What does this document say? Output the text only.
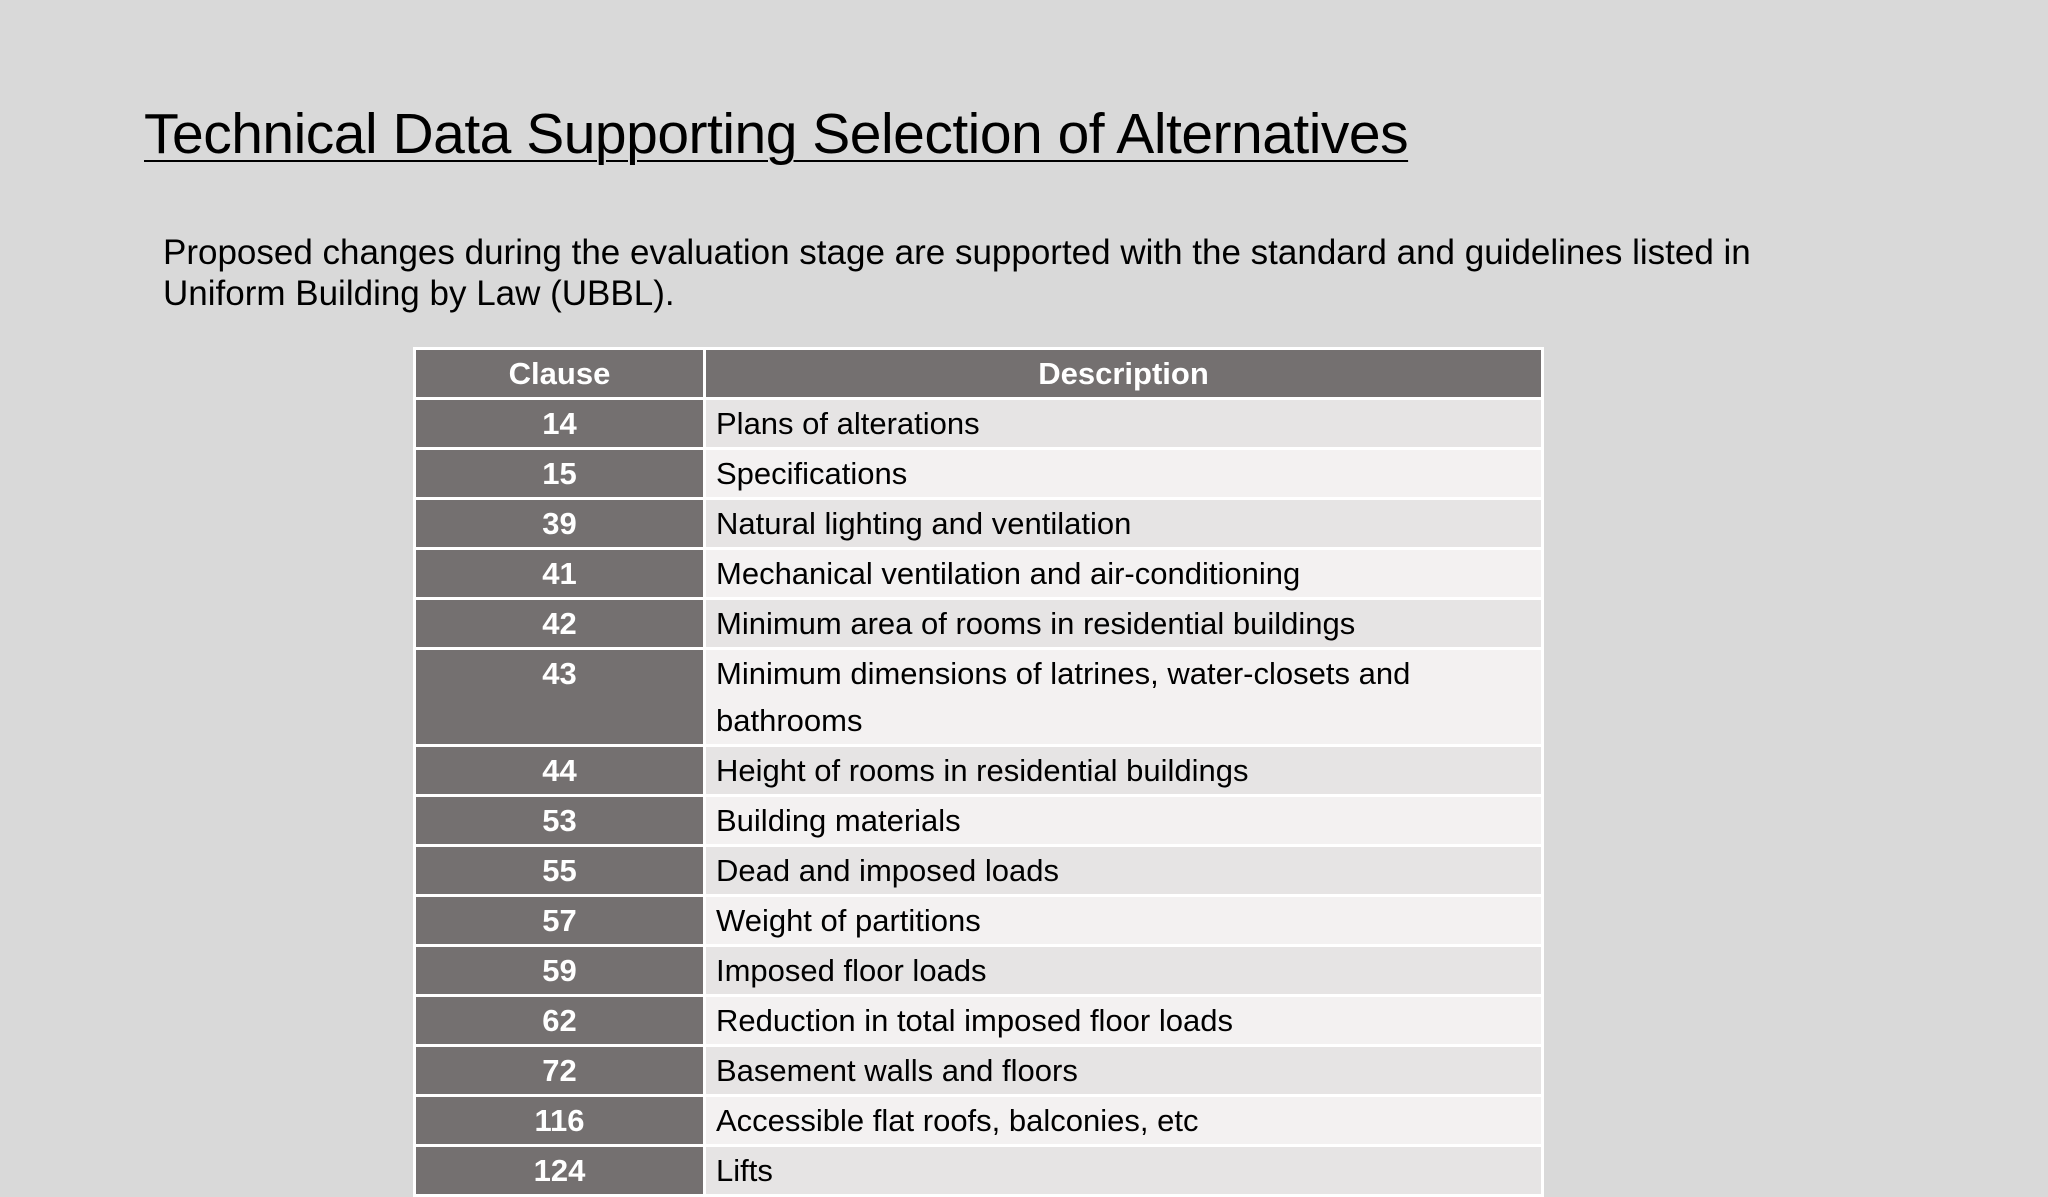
Technical Data Supporting Selection of Alternatives

Proposed changes during the evaluation stage are supported with the standard and guidelines listed in Uniform Building by Law (UBBL).

Clause	Description
14	Plans of alterations
15	Specifications
39	Natural lighting and ventilation
41	Mechanical ventilation and air-conditioning
42	Minimum area of rooms in residential buildings
43	Minimum dimensions of latrines, water-closets and bathrooms
44	Height of rooms in residential buildings
53	Building materials
55	Dead and imposed loads
57	Weight of partitions
59	Imposed floor loads
62	Reduction in total imposed floor loads
72	Basement walls and floors
116	Accessible flat roofs, balconies, etc
124	Lifts
